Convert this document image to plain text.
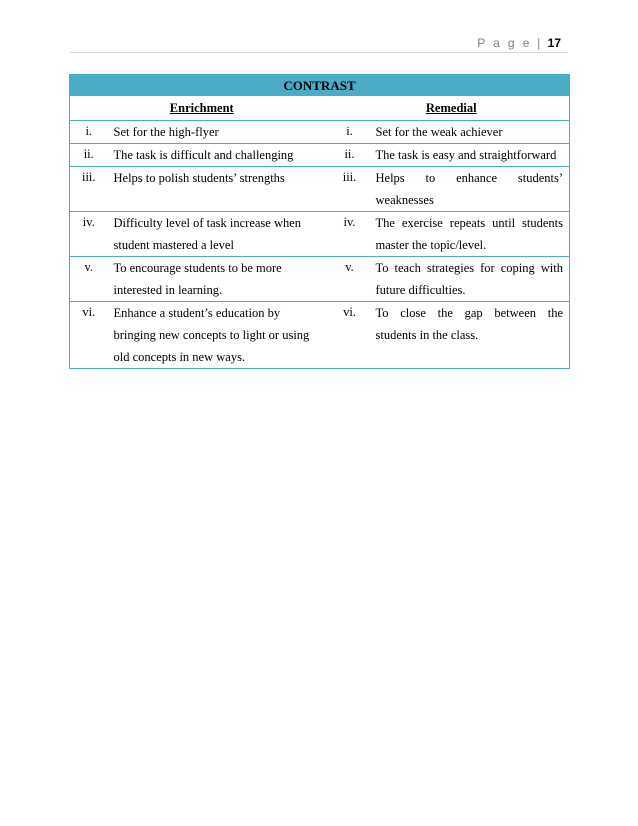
P a g e | 17
CONTRAST			
Enrichment		Remedial	
i.	Set for the high-flyer	i.	Set for the weak achiever
ii.	The task is difficult and challenging	ii.	The task is easy and straightforward
iii.	Helps to polish students’ strengths	iii.	Helps to enhance students’ weaknesses
iv.	Difficulty level of task increase when student mastered a level	iv.	The exercise repeats until students master the topic/level.
v.	To encourage students to be more interested in learning.	v.	To teach strategies for coping with future difficulties.
vi.	Enhance a student’s education by bringing new concepts to light or using old concepts in new ways.	vi.	To close the gap between the students in the class.
